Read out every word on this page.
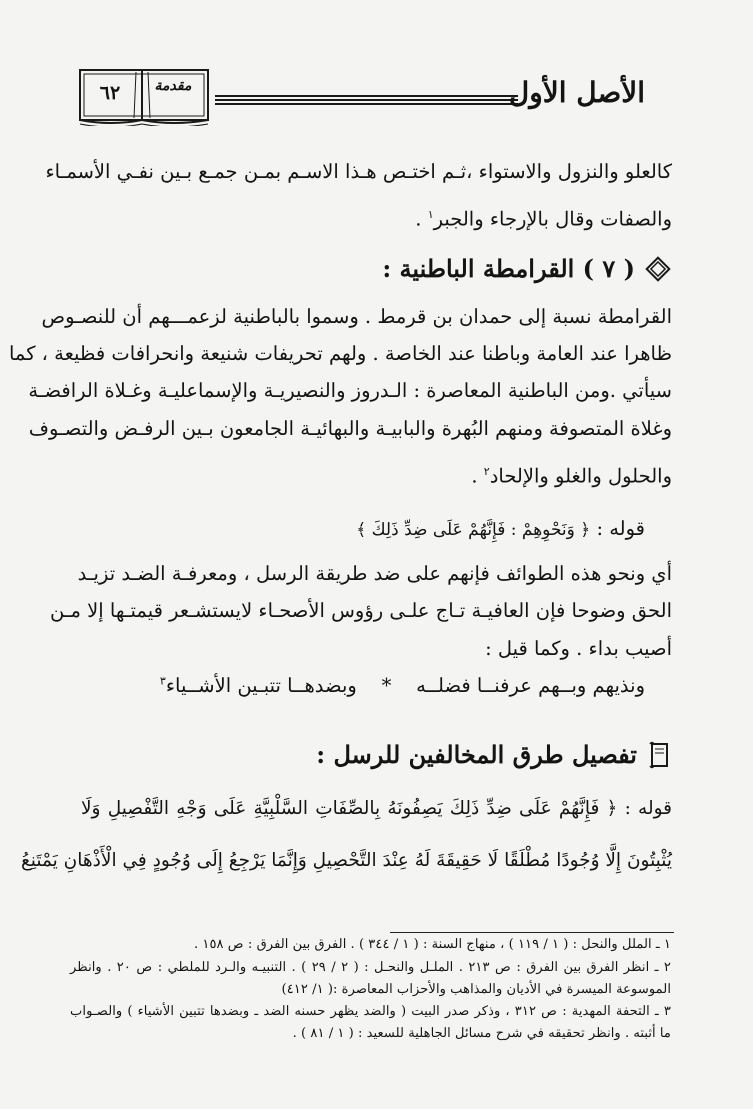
٦٢	مقدمة	الأصل الأول
كالعلو والنزول والاستواء ،ثـم اختـص هـذا الاسـم بمـن جمـع بـين نفـي الأسمـاء
والصفات وقال بالإرجاء والجبر$^١$ .
( ٧ ) القرامطة الباطنية :
القرامطة نسبة إلى حمدان بن قرمط . وسموا بالباطنية لزعمـــهم أن للنصـوص
ظاهرا عند العامة وباطنا عند الخاصة . ولهم تحريفات شنيعة وانحرافات فظيعة ، كما
سيأتي .ومن الباطنية المعاصرة : الـدروز والنصيريـة والإسماعليـة وغـلاة الرافضـة
وغلاة المتصوفة ومنهم البُهرة والبابيـة والبهائيـة الجامعون بـين الرفـض والتصـوف
والحلول والغلو والإلحاد$^٢$ .
قوله : ﴿ وَنَحْوِهِمْ : فَإِنَّهُمْ عَلَى ضِدِّ ذَلِكَ ﴾
أي ونحو هذه الطوائف فإنهم على ضد طريقة الرسل ، ومعرفـة الضـد تزيـد
الحق وضوحا فإن العافيـة تـاج علـى رؤوس الأصحـاء لايستشـعر قيمتـها إلا مـن
أصيب بداء . وكما قيل :
ونذيهم وبــهم عرفنــا فضلــه    *    وبضدهــا تتبـين الأشــياء$^٣$
تفصيل طرق المخالفين للرسل :
قوله : ﴿ فَإِنَّهُمْ عَلَى ضِدِّ ذَلِكَ يَصِفُونَهُ بِالصِّفَاتِ السَّلْبِيَّةِ عَلَى وَجْهِ التَّفْصِيلِ وَلَا
يُثْبِتُونَ إِلَّا وُجُودًا مُطْلَقًا لَا حَقِيقَةَ لَهُ عِنْدَ التَّحْصِيلِ وَإِنَّمَا يَرْجِعُ إِلَى وُجُودٍ فِي الْأَذْهَانِ يَمْتَنِعُ
١ ـ الملل والنحل : ( ١ / ١١٩ ) ، منهاج السنة : ( ١ / ٣٤٤ ) . الفرق بين الفرق : ص ١٥٨ .
٢ ـ انظر الفرق بين الفرق : ص ٢١٣ . الملـل والنحـل : ( ٢ / ٢٩ ) . التنبيـه والـرد للملطي : ص ٢٠ . وانظر
الموسوعة الميسرة في الأديان والمذاهب والأحزاب المعاصرة :( ١/ ٤١٢)
٣ ـ التحفة المهدية : ص ٣١٢ ، وذكر صدر البيت ( والضد يظهر حسنه الضد ـ وبضدها تتبين الأشياء ) والصـواب
ما أثبته . وانظر تحقيقه في شرح مسائل الجاهلية للسعيد : ( ١ / ٨١ ) .
